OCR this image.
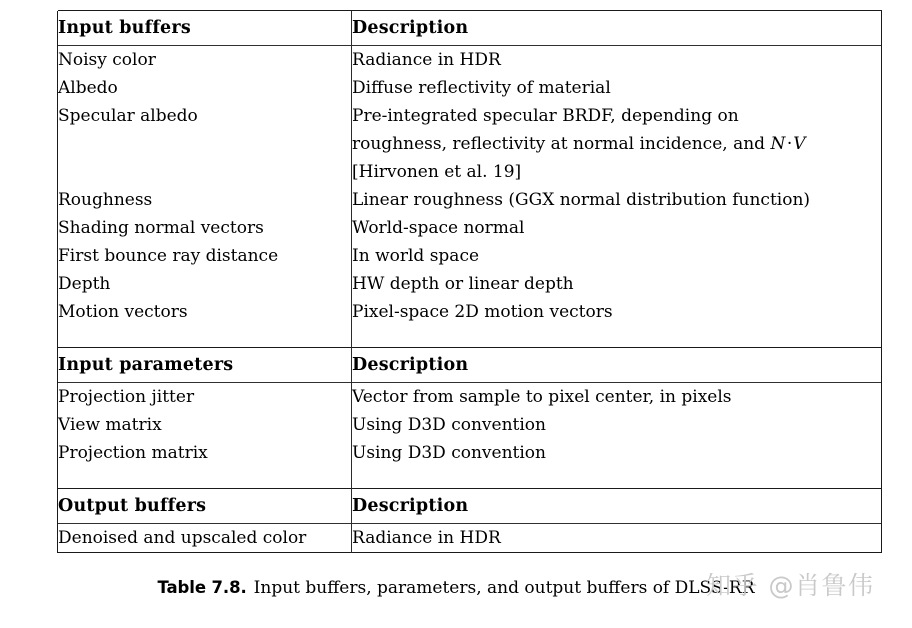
Input buffers	Description

Noisy color	Radiance in HDR
Albedo	Diffuse reflectivity of material
Specular albedo	Pre-integrated specular BRDF, depending on
roughness, reflectivity at normal incidence, and N·V
[Hirvonen et al. 19]

Roughness	Linear roughness (GGX normal distribution function)
Shading normal vectors	World-space normal
First bounce ray distance	In world space
Depth	HW depth or linear depth
Motion vectors	Pixel-space 2D motion vectors

Input parameters	Description

Projection jitter	Vector from sample to pixel center, in pixels
View matrix	Using D3D convention
Projection matrix	Using D3D convention

Output buffers	Description

Denoised and upscaled color	Radiance in HDR

Table 7.8. Input buffers, parameters, and output buffers of DLSS-RR
知乎 @肖鲁伟
